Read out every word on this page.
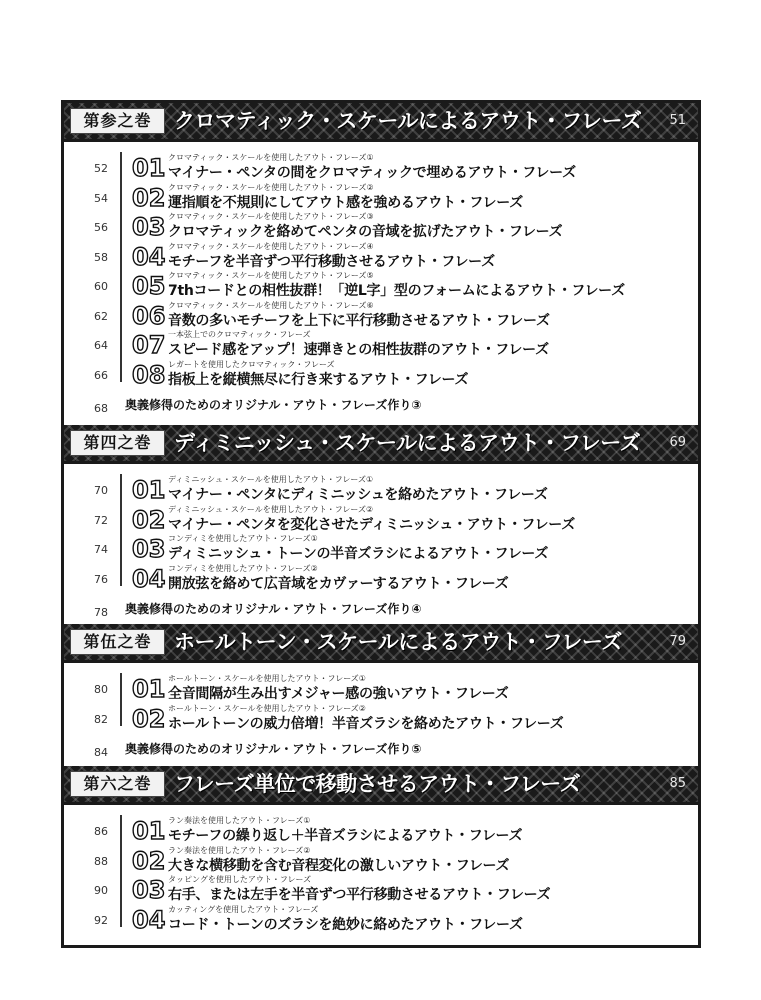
第参之巻	クロマティック・スケールによるアウト・フレーズ 51
52 01 クロマティック・スケールを使用したアウト・フレーズ①
マイナー・ペンタの間をクロマティックで埋めるアウト・フレーズ
54 02 クロマティック・スケールを使用したアウト・フレーズ②
運指順を不規則にしてアウト感を強めるアウト・フレーズ
56 03 クロマティック・スケールを使用したアウト・フレーズ③
クロマティックを絡めてペンタの音域を拡げたアウト・フレーズ
58 04 クロマティック・スケールを使用したアウト・フレーズ④
モチーフを半音ずつ平行移動させるアウト・フレーズ
60 05 クロマティック・スケールを使用したアウト・フレーズ⑤
7thコードとの相性抜群！「逆L字」型のフォームによるアウト・フレーズ
62 06 クロマティック・スケールを使用したアウト・フレーズ⑥
音数の多いモチーフを上下に平行移動させるアウト・フレーズ
64 07 一本弦上でのクロマティック・フレーズ
スピード感をアップ！速弾きとの相性抜群のアウト・フレーズ
66 08 レガートを使用したクロマティック・フレーズ
指板上を縦横無尽に行き来するアウト・フレーズ
68 奥義修得のためのオリジナル・アウト・フレーズ作り③
第四之巻	ディミニッシュ・スケールによるアウト・フレーズ 69
70 01 ディミニッシュ・スケールを使用したアウト・フレーズ①
マイナー・ペンタにディミニッシュを絡めたアウト・フレーズ
72 02 ディミニッシュ・スケールを使用したアウト・フレーズ②
マイナー・ペンタを変化させたディミニッシュ・アウト・フレーズ
74 03 コンディミを使用したアウト・フレーズ①
ディミニッシュ・トーンの半音ズラシによるアウト・フレーズ
76 04 コンディミを使用したアウト・フレーズ②
開放弦を絡めて広音域をカヴァーするアウト・フレーズ
78 奥義修得のためのオリジナル・アウト・フレーズ作り④
第伍之巻	ホールトーン・スケールによるアウト・フレーズ	79
80 01 ホールトーン・スケールを使用したアウト・フレーズ①
全音間隔が生み出すメジャー感の強いアウト・フレーズ
82 02 ホールトーン・スケールを使用したアウト・フレーズ②
ホールトーンの威力倍増！半音ズラシを絡めたアウト・フレーズ
84 奥義修得のためのオリジナル・アウト・フレーズ作り⑤
第六之巻	フレーズ単位で移動させるアウト・フレーズ	85
86 01 ラン奏法を使用したアウト・フレーズ①
モチーフの繰り返し＋半音ズラシによるアウト・フレーズ
88 02 ラン奏法を使用したアウト・フレーズ②
大きな横移動を含む音程変化の激しいアウト・フレーズ
90 03 タッピングを使用したアウト・フレーズ
右手、または左手を半音ずつ平行移動させるアウト・フレーズ
92 04 カッティングを使用したアウト・フレーズ
コード・トーンのズラシを絶妙に絡めたアウト・フレーズ
